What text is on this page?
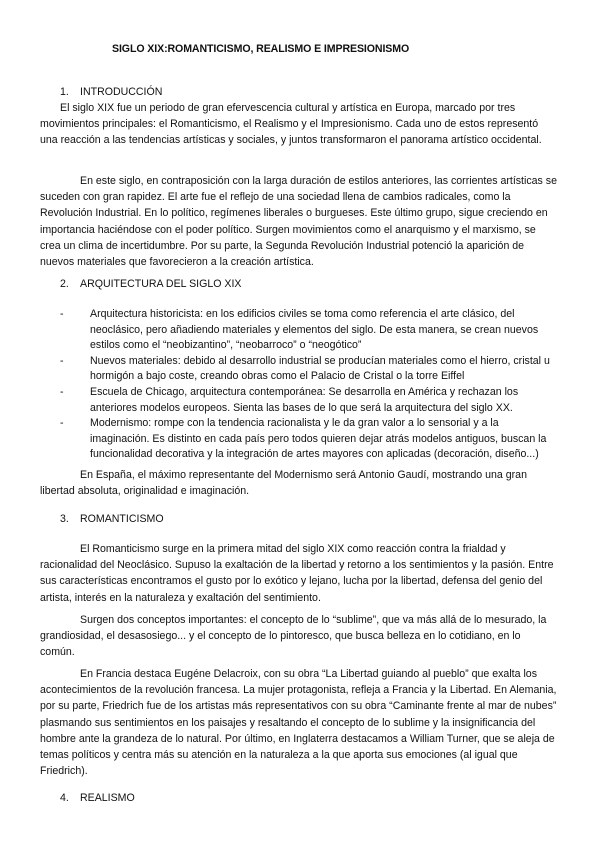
SIGLO XIX:ROMANTICISMO, REALISMO E IMPRESIONISMO
1. INTRODUCCIÓN

El siglo XIX fue un periodo de gran efervescencia cultural y artística en Europa, marcado por tres movimientos principales: el Romanticismo, el Realismo y el Impresionismo. Cada uno de estos representó una reacción a las tendencias artísticas y sociales, y juntos transformaron el panorama artístico occidental.

En este siglo, en contraposición con la larga duración de estilos anteriores, las corrientes artísticas se suceden con gran rapidez. El arte fue el reflejo de una sociedad llena de cambios radicales, como la Revolución Industrial. En lo político, regímenes liberales o burgueses. Este último grupo, sigue creciendo en importancia haciéndose con el poder político. Surgen movimientos como el anarquismo y el marxismo, se crea un clima de incertidumbre. Por su parte, la Segunda Revolución Industrial potenció la aparición de nuevos materiales que favorecieron a la creación artística.

2. ARQUITECTURA DEL SIGLO XIX
- Arquitectura historicista: en los edificios civiles se toma como referencia el arte clásico, del neoclásico, pero añadiendo materiales y elementos del siglo. De esta manera, se crean nuevos estilos como el “neobizantino”, “neobarroco” o “neogótico”
- Nuevos materiales: debido al desarrollo industrial se producían materiales como el hierro, cristal u hormigón a bajo coste, creando obras como el Palacio de Cristal o la torre Eiffel
- Escuela de Chicago, arquitectura contemporánea: Se desarrolla en América y rechazan los anteriores modelos europeos. Sienta las bases de lo que será la arquitectura del siglo XX.
- Modernismo: rompe con la tendencia racionalista y le da gran valor a lo sensorial y a la imaginación. Es distinto en cada país pero todos quieren dejar atrás modelos antiguos, buscan la funcionalidad decorativa y la integración de artes mayores con aplicadas (decoración, diseño...)

En España, el máximo representante del Modernismo será Antonio Gaudí, mostrando una gran libertad absoluta, originalidad e imaginación.

3. ROMANTICISMO

El Romanticismo surge en la primera mitad del siglo XIX como reacción contra la frialdad y racionalidad del Neoclásico. Supuso la exaltación de la libertad y retorno a los sentimientos y la pasión. Entre sus características encontramos el gusto por lo exótico y lejano, lucha por la libertad, defensa del genio del artista, interés en la naturaleza y exaltación del sentimiento.

Surgen dos conceptos importantes: el concepto de lo “sublime”, que va más allá de lo mesurado, la grandiosidad, el desasosiego... y el concepto de lo pintoresco, que busca belleza en lo cotidiano, en lo común.

En Francia destaca Eugéne Delacroix, con su obra “La Libertad guiando al pueblo” que exalta los acontecimientos de la revolución francesa. La mujer protagonista, refleja a Francia y la Libertad. En Alemania, por su parte, Friedrich fue de los artistas más representativos con su obra “Caminante frente al mar de nubes” plasmando sus sentimientos en los paisajes y resaltando el concepto de lo sublime y la insignificancia del hombre ante la grandeza de lo natural. Por último, en Inglaterra destacamos a William Turner, que se aleja de temas políticos y centra más su atención en la naturaleza a la que aporta sus emociones (al igual que Friedrich).

4. REALISMO
